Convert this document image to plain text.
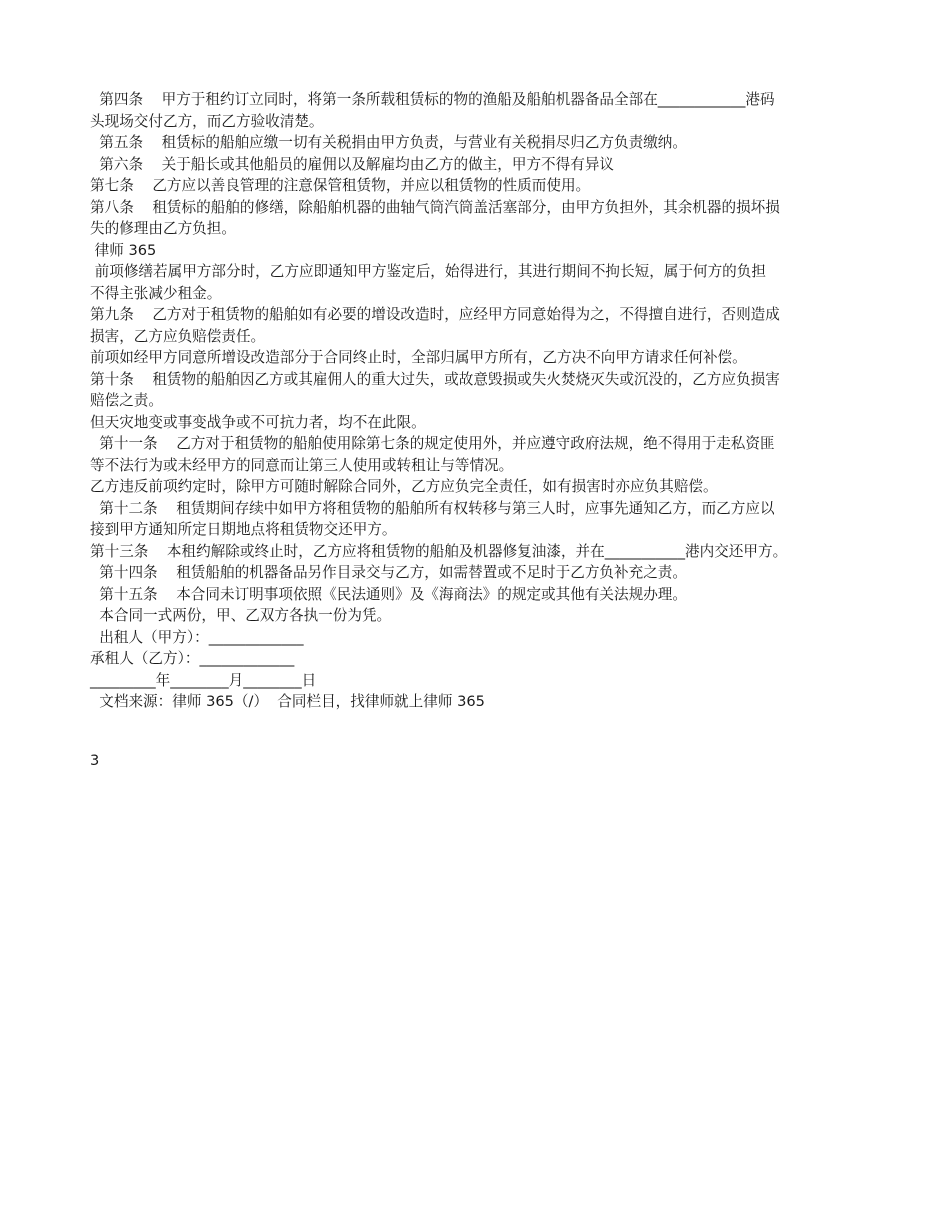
第四条    甲方于租约订立同时，将第一条所载租赁标的物的渔船及船舶机器备品全部在____________港码

头现场交付乙方，而乙方验收清楚。

第五条    租赁标的船舶应缴一切有关税捐由甲方负责，与营业有关税捐尽归乙方负责缴纳。

第六条    关于船长或其他船员的雇佣以及解雇均由乙方的做主，甲方不得有异议

第七条    乙方应以善良管理的注意保管租赁物，并应以租赁物的性质而使用。

第八条    租赁标的船舶的修缮，除船舶机器的曲轴气筒汽筒盖活塞部分，由甲方负担外，其余机器的损坏损

失的修理由乙方负担。

律师 365

前项修缮若属甲方部分时，乙方应即通知甲方鉴定后，始得进行，其进行期间不拘长短，属于何方的负担

不得主张减少租金。

第九条    乙方对于租赁物的船舶如有必要的增设改造时，应经甲方同意始得为之，不得擅自进行，否则造成

损害，乙方应负赔偿责任。

前项如经甲方同意所增设改造部分于合同终止时，全部归属甲方所有，乙方决不向甲方请求任何补偿。

第十条    租赁物的船舶因乙方或其雇佣人的重大过失，或故意毁损或失火焚烧灭失或沉没的，乙方应负损害

赔偿之责。

但天灾地变或事变战争或不可抗力者，均不在此限。

第十一条    乙方对于租赁物的船舶使用除第七条的规定使用外，并应遵守政府法规，绝不得用于走私资匪

等不法行为或未经甲方的同意而让第三人使用或转租让与等情况。

乙方违反前项约定时，除甲方可随时解除合同外，乙方应负完全责任，如有损害时亦应负其赔偿。

第十二条    租赁期间存续中如甲方将租赁物的船舶所有权转移与第三人时，应事先通知乙方，而乙方应以

接到甲方通知所定日期地点将租赁物交还甲方。

第十三条    本租约解除或终止时，乙方应将租赁物的船舶及机器修复油漆，并在___________港内交还甲方。

第十四条    租赁船舶的机器备品另作目录交与乙方，如需替置或不足时于乙方负补充之责。

第十五条    本合同未订明事项依照《民法通则》及《海商法》的规定或其他有关法规办理。

本合同一式两份，甲、乙双方各执一份为凭。

出租人（甲方）：_____________

承租人（乙方）：_____________

_________年________月________日

文档来源：律师 365（/）  合同栏目，找律师就上律师 365

3
